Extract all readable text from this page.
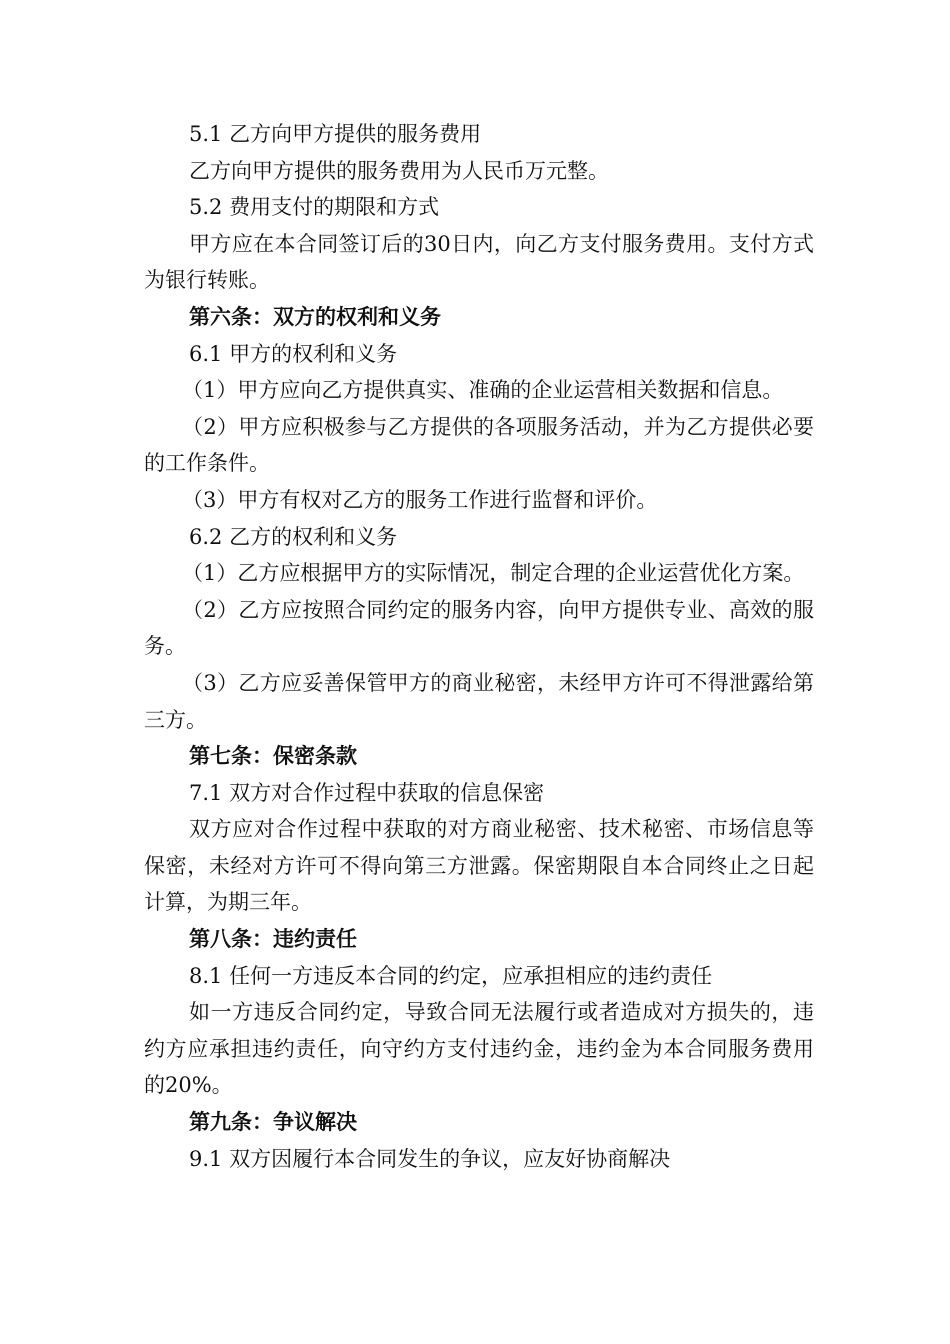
5.1 乙方向甲方提供的服务费用

乙方向甲方提供的服务费用为人民币万元整。

5.2 费用支付的期限和方式

甲方应在本合同签订后的30日内，向乙方支付服务费用。支付方式为银行转账。

第六条：双方的权利和义务

6.1 甲方的权利和义务

（1）甲方应向乙方提供真实、准确的企业运营相关数据和信息。

（2）甲方应积极参与乙方提供的各项服务活动，并为乙方提供必要的工作条件。

（3）甲方有权对乙方的服务工作进行监督和评价。

6.2 乙方的权利和义务

（1）乙方应根据甲方的实际情况，制定合理的企业运营优化方案。

（2）乙方应按照合同约定的服务内容，向甲方提供专业、高效的服务。

（3）乙方应妥善保管甲方的商业秘密，未经甲方许可不得泄露给第三方。

第七条：保密条款

7.1 双方对合作过程中获取的信息保密

双方应对合作过程中获取的对方商业秘密、技术秘密、市场信息等保密，未经对方许可不得向第三方泄露。保密期限自本合同终止之日起计算，为期三年。

第八条：违约责任

8.1 任何一方违反本合同的约定，应承担相应的违约责任

如一方违反合同约定，导致合同无法履行或者造成对方损失的，违约方应承担违约责任，向守约方支付违约金，违约金为本合同服务费用的20%。

第九条：争议解决

9.1 双方因履行本合同发生的争议，应友好协商解决
